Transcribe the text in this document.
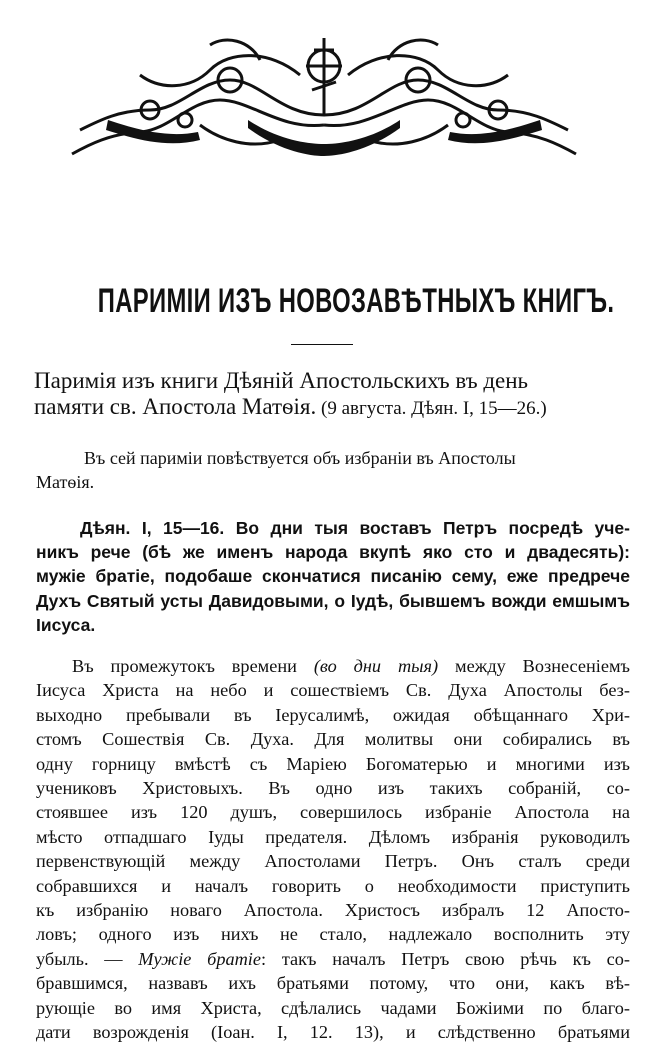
ПАРИМІИ ИЗЪ НОВОЗАВѢТНЫХЪ КНИГЪ.
Паримія изъ книги Дѣяній Апостольскихъ въ день
памяти св. Апостола Матѳія. (9 августа. Дѣян. I, 15—26.)
Въ сей париміи повѣствуется объ избраніи въ Апостолы
Матѳія.
Дѣян. I, 15—16. Во дни тыя воставъ Петръ посредѣ уче-
никъ рече (бѣ же именъ народа вкупѣ яко сто и двадесять):
мужіе братіе, подобаше скончатися писанію сему, еже предрече
Духъ Святый усты Давидовыми, о Іудѣ, бывшемъ вожди емшымъ
Іисуса.
Въ промежутокъ времени (во дни тыя) между Вознесеніемъ
Іисуса Христа на небо и сошествіемъ Св. Духа Апостолы без-
выходно пребывали въ Іерусалимѣ, ожидая обѣщаннаго Хри-
стомъ Сошествія Св. Духа. Для молитвы они собирались въ
одну горницу вмѣстѣ съ Маріею Богоматерью и многими изъ
учениковъ Христовыхъ. Въ одно изъ такихъ собраній, со-
стоявшее изъ 120 душъ, совершилось избраніе Апостола на
мѣсто отпадшаго Іуды предателя. Дѣломъ избранія руководилъ
первенствующій между Апостолами Петръ. Онъ сталъ среди
собравшихся и началъ говорить о необходимости приступить
къ избранію новаго Апостола. Христосъ избралъ 12 Апосто-
ловъ; одного изъ нихъ не стало, надлежало восполнить эту
убыль. — Мужіе братіе: такъ началъ Петръ свою рѣчь къ со-
бравшимся, назвавъ ихъ братьями потому, что они, какъ вѣ-
рующіе во имя Христа, сдѣлались чадами Божіими по благо-
дати возрожденія (Іоан. I, 12. 13), и слѣдственно братьями
